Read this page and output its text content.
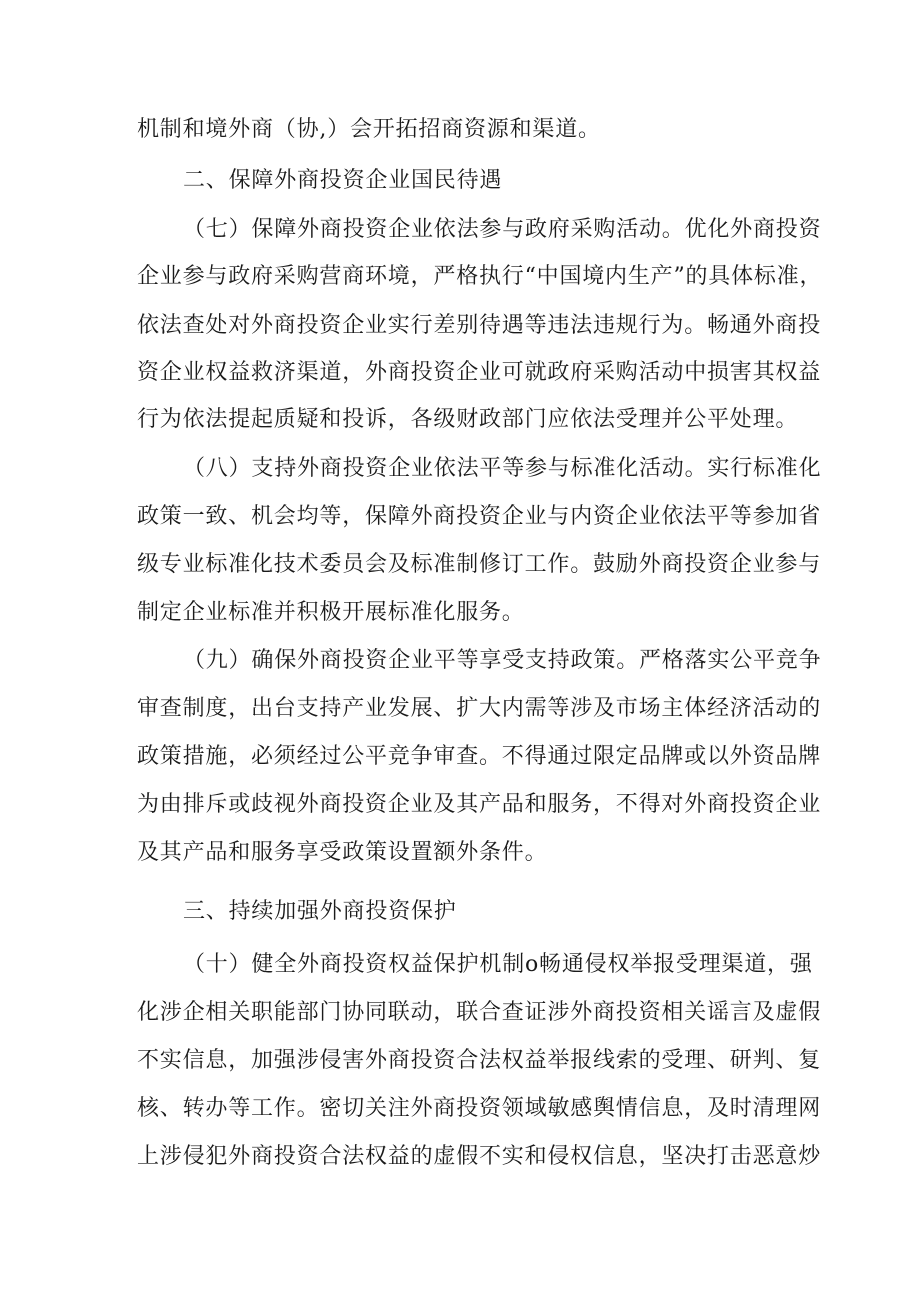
机制和境外商（协,）会开拓招商资源和渠道。
二、保障外商投资企业国民待遇
（七）保障外商投资企业依法参与政府采购活动。优化外商投资
企业参与政府采购营商环境，严格执行“中国境内生产”的具体标准，
依法查处对外商投资企业实行差别待遇等违法违规行为。畅通外商投
资企业权益救济渠道，外商投资企业可就政府采购活动中损害其权益
行为依法提起质疑和投诉，各级财政部门应依法受理并公平处理。
（八）支持外商投资企业依法平等参与标准化活动。实行标准化
政策一致、机会均等，保障外商投资企业与内资企业依法平等参加省
级专业标准化技术委员会及标准制修订工作。鼓励外商投资企业参与
制定企业标准并积极开展标准化服务。
（九）确保外商投资企业平等享受支持政策。严格落实公平竞争
审查制度，出台支持产业发展、扩大内需等涉及市场主体经济活动的
政策措施，必须经过公平竞争审查。不得通过限定品牌或以外资品牌
为由排斥或歧视外商投资企业及其产品和服务，不得对外商投资企业
及其产品和服务享受政策设置额外条件。
三、持续加强外商投资保护
（十）健全外商投资权益保护机制o畅通侵权举报受理渠道，强
化涉企相关职能部门协同联动，联合查证涉外商投资相关谣言及虚假
不实信息，加强涉侵害外商投资合法权益举报线索的受理、研判、复
核、转办等工作。密切关注外商投资领域敏感舆情信息，及时清理网
上涉侵犯外商投资合法权益的虚假不实和侵权信息，坚决打击恶意炒
